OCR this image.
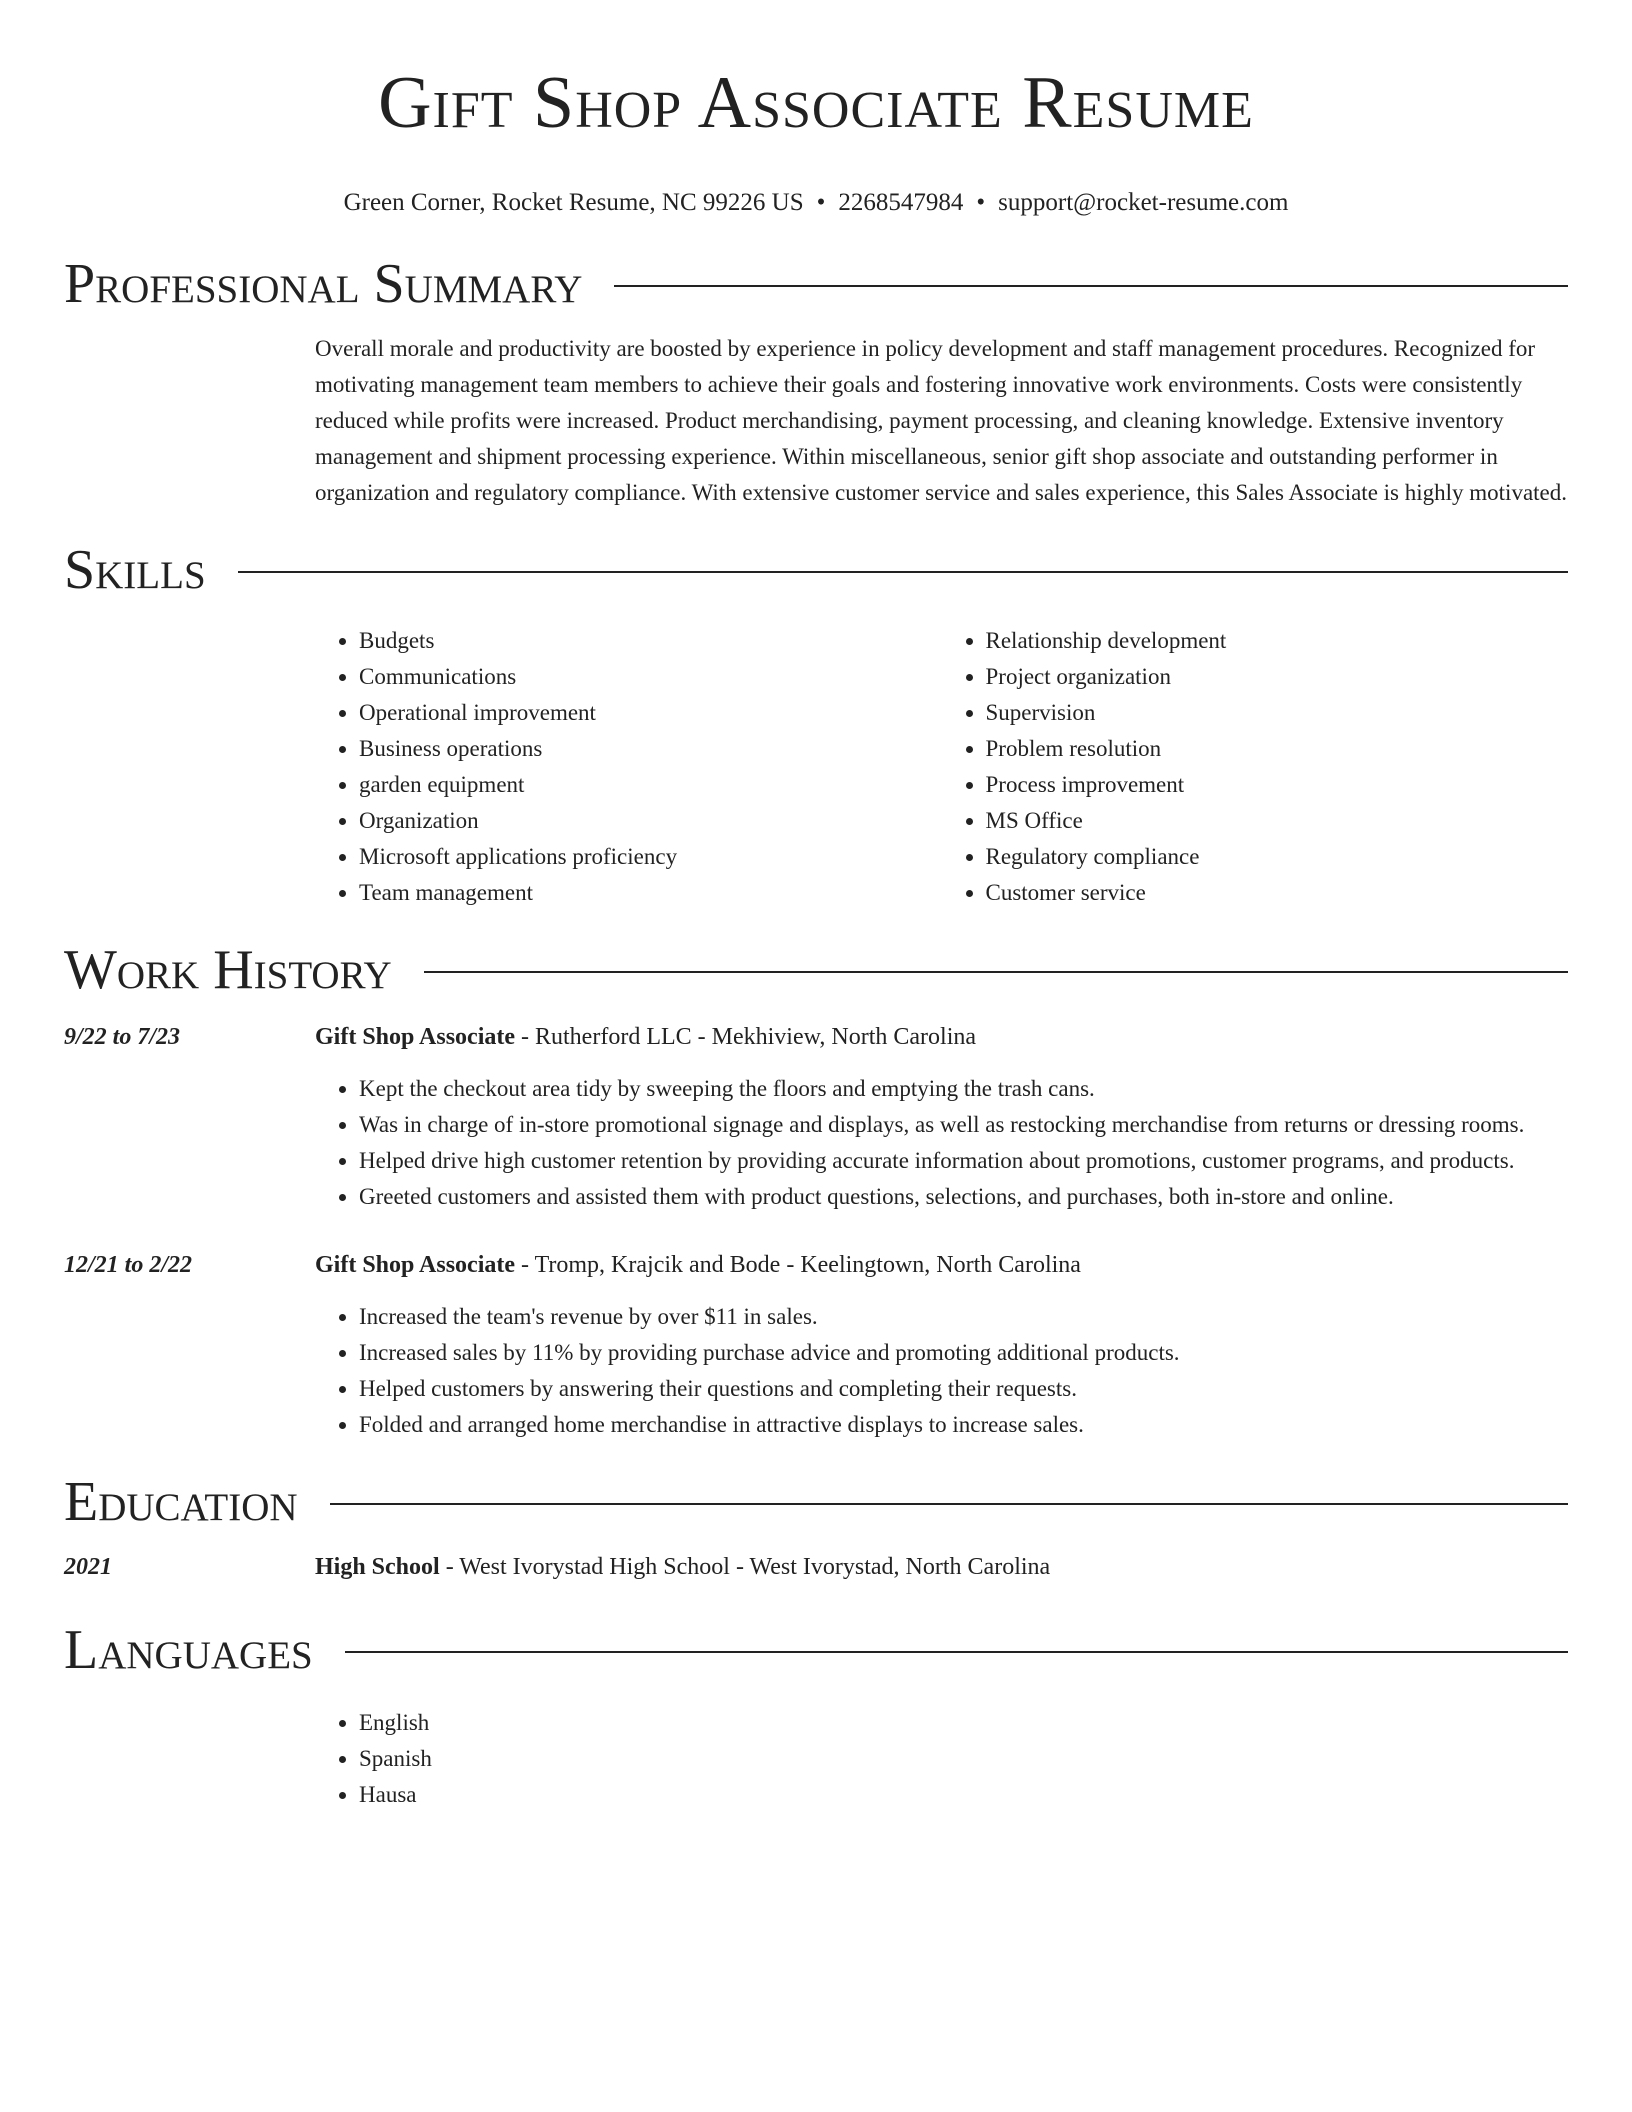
Gift Shop Associate Resume
Green Corner, Rocket Resume, NC 99226 US • 2268547984 • support@rocket-resume.com
Professional Summary
Overall morale and productivity are boosted by experience in policy development and staff management procedures. Recognized for motivating management team members to achieve their goals and fostering innovative work environments. Costs were consistently reduced while profits were increased. Product merchandising, payment processing, and cleaning knowledge. Extensive inventory management and shipment processing experience. Within miscellaneous, senior gift shop associate and outstanding performer in organization and regulatory compliance. With extensive customer service and sales experience, this Sales Associate is highly motivated.
Skills
• Budgets
• Communications
• Operational improvement
• Business operations
• garden equipment
• Organization
• Microsoft applications proficiency
• Team management
• Relationship development
• Project organization
• Supervision
• Problem resolution
• Process improvement
• MS Office
• Regulatory compliance
• Customer service
Work History
9/22 to 7/23	Gift Shop Associate - Rutherford LLC - Mekhiview, North Carolina
• Kept the checkout area tidy by sweeping the floors and emptying the trash cans.
• Was in charge of in-store promotional signage and displays, as well as restocking merchandise from returns or dressing rooms.
• Helped drive high customer retention by providing accurate information about promotions, customer programs, and products.
• Greeted customers and assisted them with product questions, selections, and purchases, both in-store and online.
12/21 to 2/22	Gift Shop Associate - Tromp, Krajcik and Bode - Keelingtown, North Carolina
• Increased the team's revenue by over $11 in sales.
• Increased sales by 11% by providing purchase advice and promoting additional products.
• Helped customers by answering their questions and completing their requests.
• Folded and arranged home merchandise in attractive displays to increase sales.
Education
2021	High School - West Ivorystad High School - West Ivorystad, North Carolina
Languages
• English
• Spanish
• Hausa
